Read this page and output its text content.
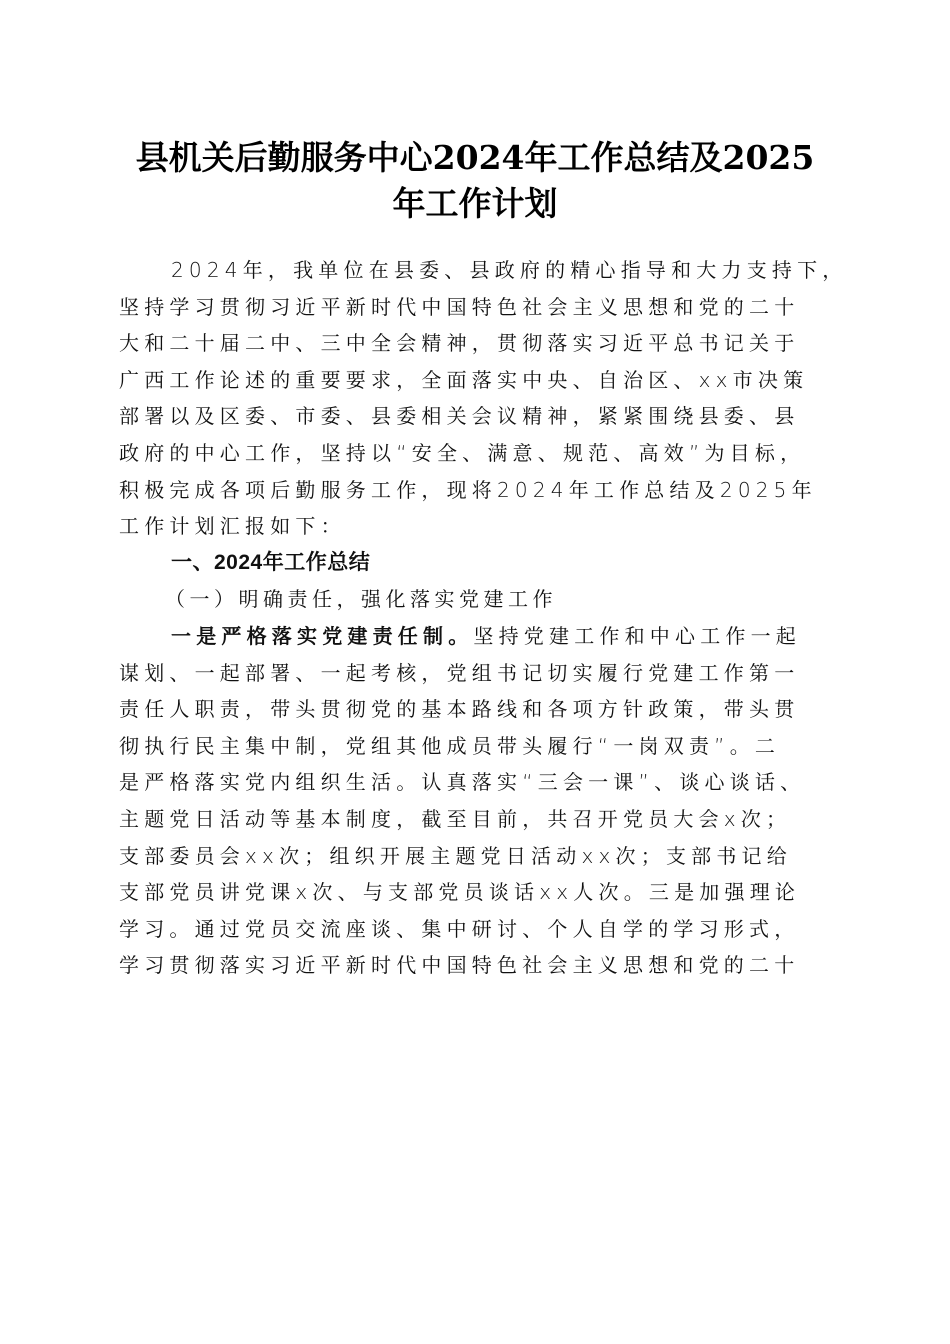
县机关后勤服务中心2024年工作总结及2025
年工作计划
2024年，我单位在县委、县政府的精心指导和大力支持下，
坚持学习贯彻习近平新时代中国特色社会主义思想和党的二十
大和二十届二中、三中全会精神，贯彻落实习近平总书记关于
广西工作论述的重要要求，全面落实中央、自治区、xx市决策
部署以及区委、市委、县委相关会议精神，紧紧围绕县委、县
政府的中心工作，坚持以“安全、满意、规范、高效”为目标，
积极完成各项后勤服务工作，现将2024年工作总结及2025年
工作计划汇报如下：
一、2024年工作总结
（一）明确责任，强化落实党建工作
一是严格落实党建责任制。坚持党建工作和中心工作一起
谋划、一起部署、一起考核，党组书记切实履行党建工作第一
责任人职责，带头贯彻党的基本路线和各项方针政策，带头贯
彻执行民主集中制，党组其他成员带头履行“一岗双责”。二
是严格落实党内组织生活。认真落实“三会一课”、谈心谈话、
主题党日活动等基本制度，截至目前，共召开党员大会x次；
支部委员会xx次；组织开展主题党日活动xx次；支部书记给
支部党员讲党课x次、与支部党员谈话xx人次。三是加强理论
学习。通过党员交流座谈、集中研讨、个人自学的学习形式，
学习贯彻落实习近平新时代中国特色社会主义思想和党的二十
